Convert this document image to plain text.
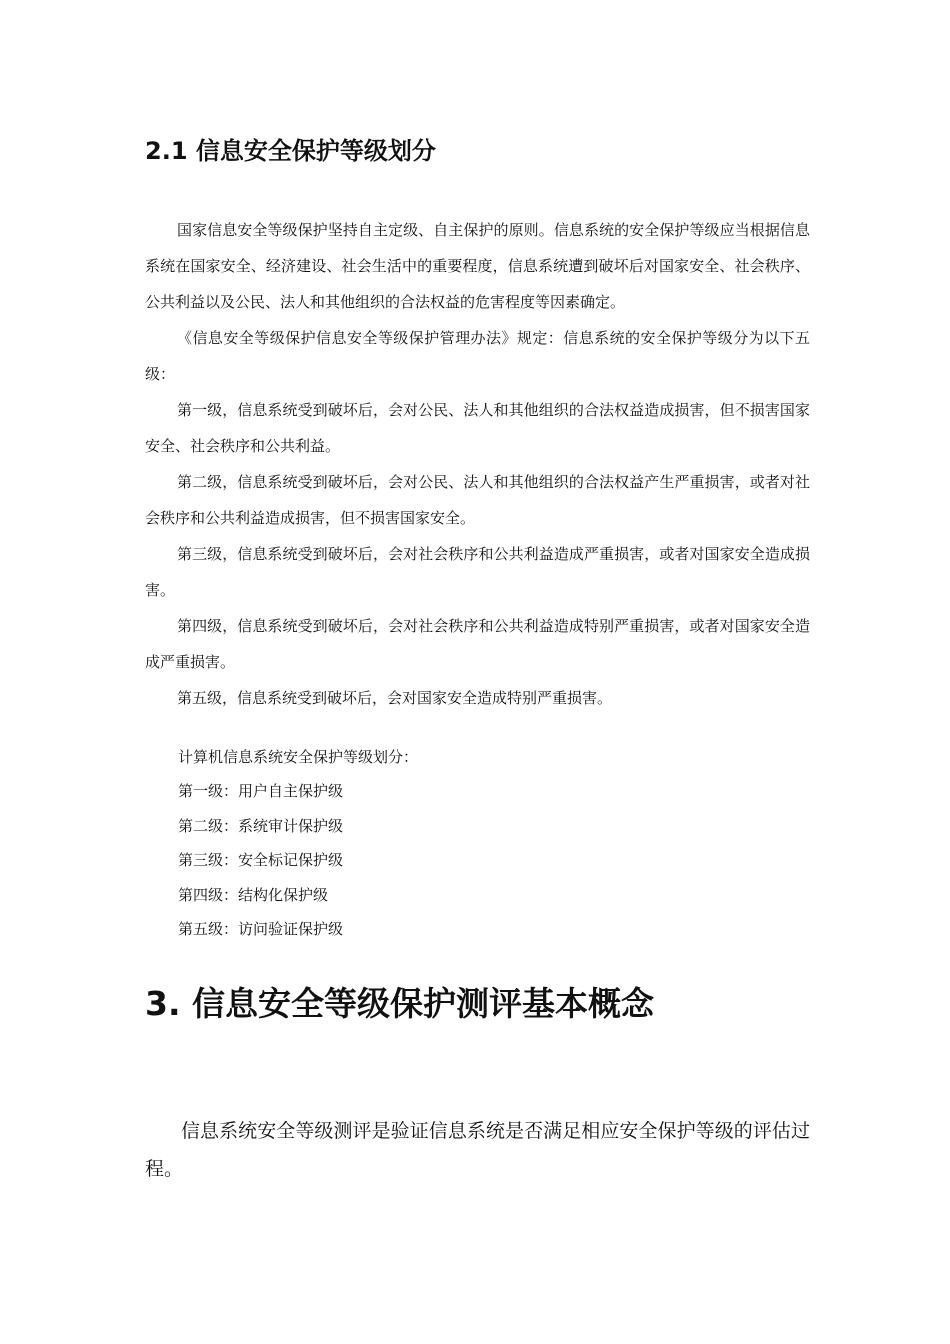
2.1 信息安全保护等级划分

国家信息安全等级保护坚持自主定级、自主保护的原则。信息系统的安全保护等级应当根据信息系统在国家安全、经济建设、社会生活中的重要程度，信息系统遭到破坏后对国家安全、社会秩序、公共利益以及公民、法人和其他组织的合法权益的危害程度等因素确定。

《信息安全等级保护信息安全等级保护管理办法》规定：信息系统的安全保护等级分为以下五级：

第一级，信息系统受到破坏后，会对公民、法人和其他组织的合法权益造成损害，但不损害国家安全、社会秩序和公共利益。

第二级，信息系统受到破坏后，会对公民、法人和其他组织的合法权益产生严重损害，或者对社会秩序和公共利益造成损害，但不损害国家安全。

第三级，信息系统受到破坏后，会对社会秩序和公共利益造成严重损害，或者对国家安全造成损害。

第四级，信息系统受到破坏后，会对社会秩序和公共利益造成特别严重损害，或者对国家安全造成严重损害。

第五级，信息系统受到破坏后，会对国家安全造成特别严重损害。

计算机信息系统安全保护等级划分：
第一级：用户自主保护级
第二级：系统审计保护级
第三级：安全标记保护级
第四级：结构化保护级
第五级：访问验证保护级
3. 信息安全等级保护测评基本概念

信息系统安全等级测评是验证信息系统是否满足相应安全保护等级的评估过程。
